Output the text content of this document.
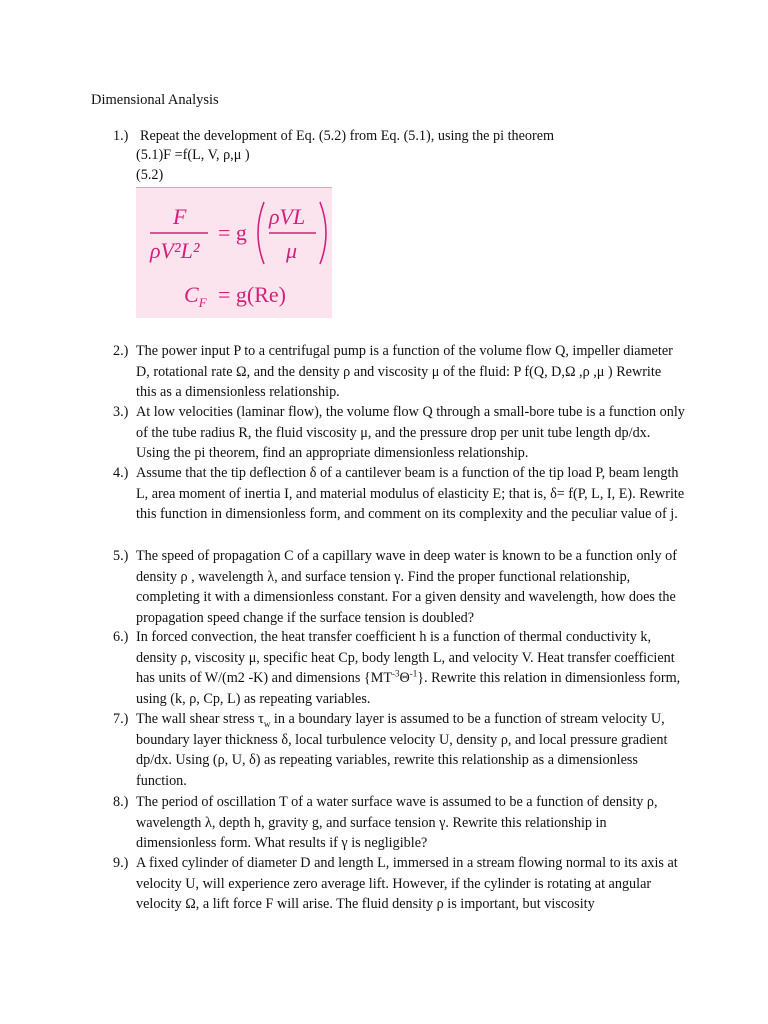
Dimensional Analysis
1.) Repeat the development of Eq. (5.2) from Eq. (5.1), using the pi theorem
(5.1)F =f(L, V, ρ,μ )
(5.2)
F
ρV²L²
= g
ρVL
μ
$C_F = g(Re)$
2.) The power input P to a centrifugal pump is a function of the volume flow Q, impeller diameter D, rotational rate Ω, and the density ρ and viscosity μ of the fluid: P f(Q, D,Ω ,ρ ,μ ) Rewrite this as a dimensionless relationship.
3.) At low velocities (laminar flow), the volume flow Q through a small-bore tube is a function only of the tube radius R, the fluid viscosity μ, and the pressure drop per unit tube length dp/dx. Using the pi theorem, find an appropriate dimensionless relationship.
4.) Assume that the tip deflection δ of a cantilever beam is a function of the tip load P, beam length L, area moment of inertia I, and material modulus of elasticity E; that is, δ= f(P, L, I, E). Rewrite this function in dimensionless form, and comment on its complexity and the peculiar value of j.
5.) The speed of propagation C of a capillary wave in deep water is known to be a function only of density ρ , wavelength λ, and surface tension γ. Find the proper functional relationship, completing it with a dimensionless constant. For a given density and wavelength, how does the propagation speed change if the surface tension is doubled?
6.) In forced convection, the heat transfer coefficient h is a function of thermal conductivity k, density ρ, viscosity μ, specific heat Cp, body length L, and velocity V. Heat transfer coefficient has units of W/(m2 -K) and dimensions $\{MT^{-3}\Theta^{-1}\}$. Rewrite this relation in dimensionless form, using (k, ρ, Cp, L) as repeating variables.
7.) The wall shear stress $\tau_w$ in a boundary layer is assumed to be a function of stream velocity U, boundary layer thickness δ, local turbulence velocity U, density ρ, and local pressure gradient dp/dx. Using (ρ, U, δ) as repeating variables, rewrite this relationship as a dimensionless function.
8.) The period of oscillation T of a water surface wave is assumed to be a function of density ρ, wavelength λ, depth h, gravity g, and surface tension γ. Rewrite this relationship in dimensionless form. What results if γ is negligible?
9.) A fixed cylinder of diameter D and length L, immersed in a stream flowing normal to its axis at velocity U, will experience zero average lift. However, if the cylinder is rotating at angular velocity Ω, a lift force F will arise. The fluid density ρ is important, but viscosity
